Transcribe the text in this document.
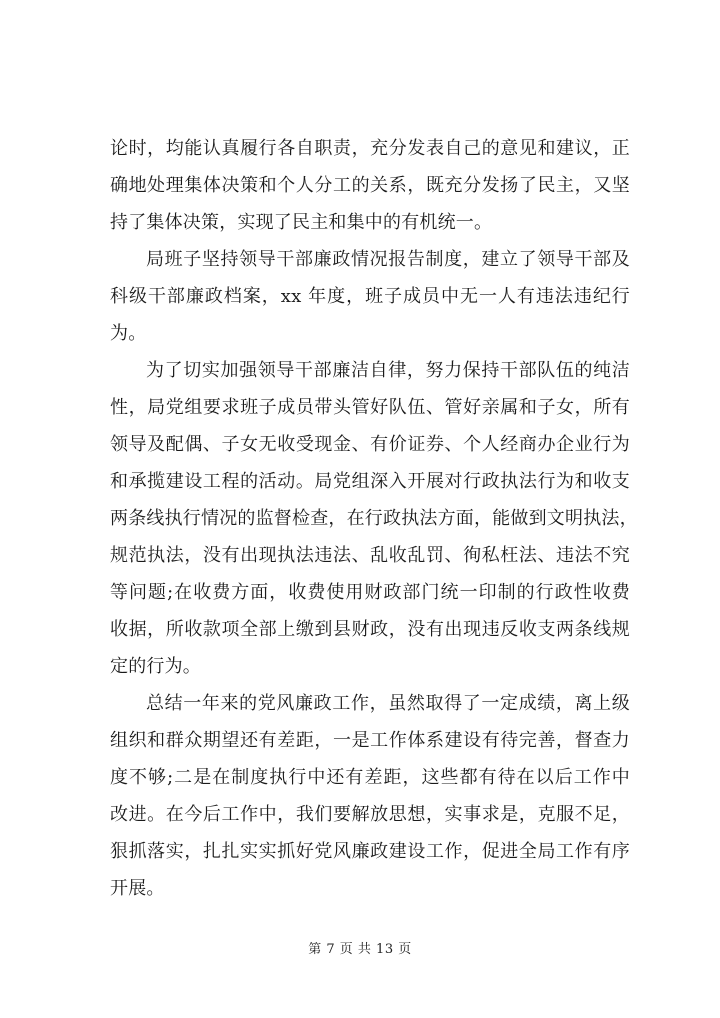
论时，均能认真履行各自职责，充分发表自己的意见和建议，正
确地处理集体决策和个人分工的关系，既充分发扬了民主，又坚
持了集体决策，实现了民主和集中的有机统一。
局班子坚持领导干部廉政情况报告制度，建立了领导干部及
科级干部廉政档案，xx 年度，班子成员中无一人有违法违纪行
为。
为了切实加强领导干部廉洁自律，努力保持干部队伍的纯洁
性，局党组要求班子成员带头管好队伍、管好亲属和子女，所有
领导及配偶、子女无收受现金、有价证券、个人经商办企业行为
和承揽建设工程的活动。局党组深入开展对行政执法行为和收支
两条线执行情况的监督检查，在行政执法方面，能做到文明执法，
规范执法，没有出现执法违法、乱收乱罚、徇私枉法、违法不究
等问题;在收费方面，收费使用财政部门统一印制的行政性收费
收据，所收款项全部上缴到县财政，没有出现违反收支两条线规
定的行为。
总结一年来的党风廉政工作，虽然取得了一定成绩，离上级
组织和群众期望还有差距，一是工作体系建设有待完善，督查力
度不够;二是在制度执行中还有差距，这些都有待在以后工作中
改进。在今后工作中，我们要解放思想，实事求是，克服不足，
狠抓落实，扎扎实实抓好党风廉政建设工作，促进全局工作有序
开展。
第 7 页 共 13 页
